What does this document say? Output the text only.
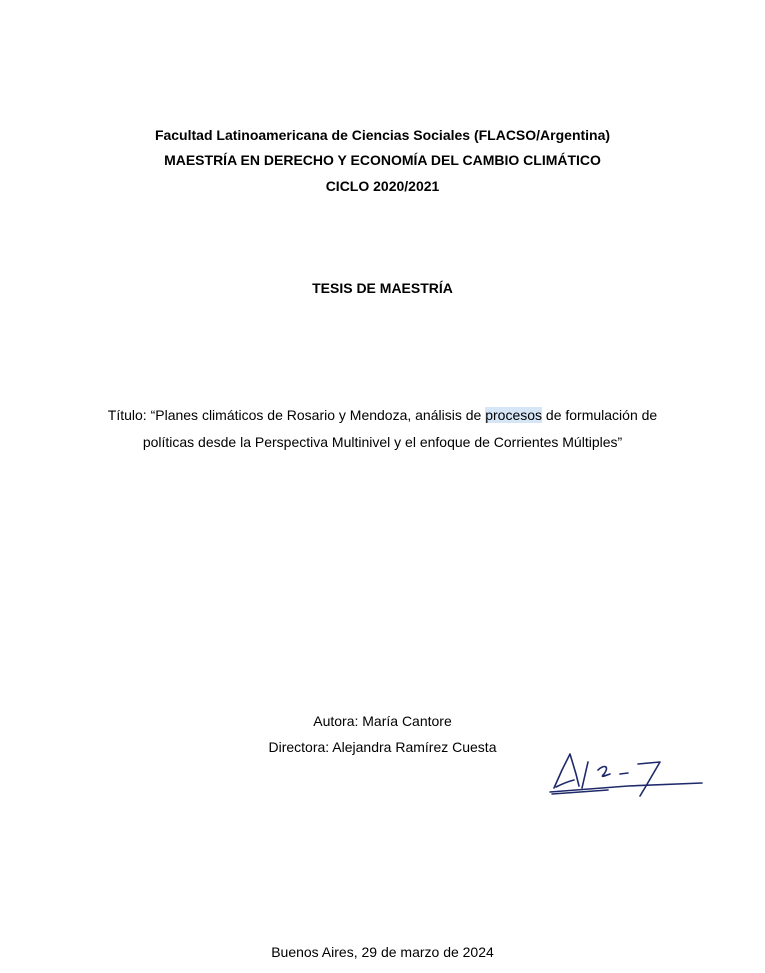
Facultad Latinoamericana de Ciencias Sociales (FLACSO/Argentina)
MAESTRÍA EN DERECHO Y ECONOMÍA DEL CAMBIO CLIMÁTICO
CICLO 2020/2021
TESIS DE MAESTRÍA
Título: “Planes climáticos de Rosario y Mendoza, análisis de procesos de formulación de
políticas desde la Perspectiva Multinivel y el enfoque de Corrientes Múltiples”
Autora: María Cantore
Directora: Alejandra Ramírez Cuesta
Buenos Aires, 29 de marzo de 2024
